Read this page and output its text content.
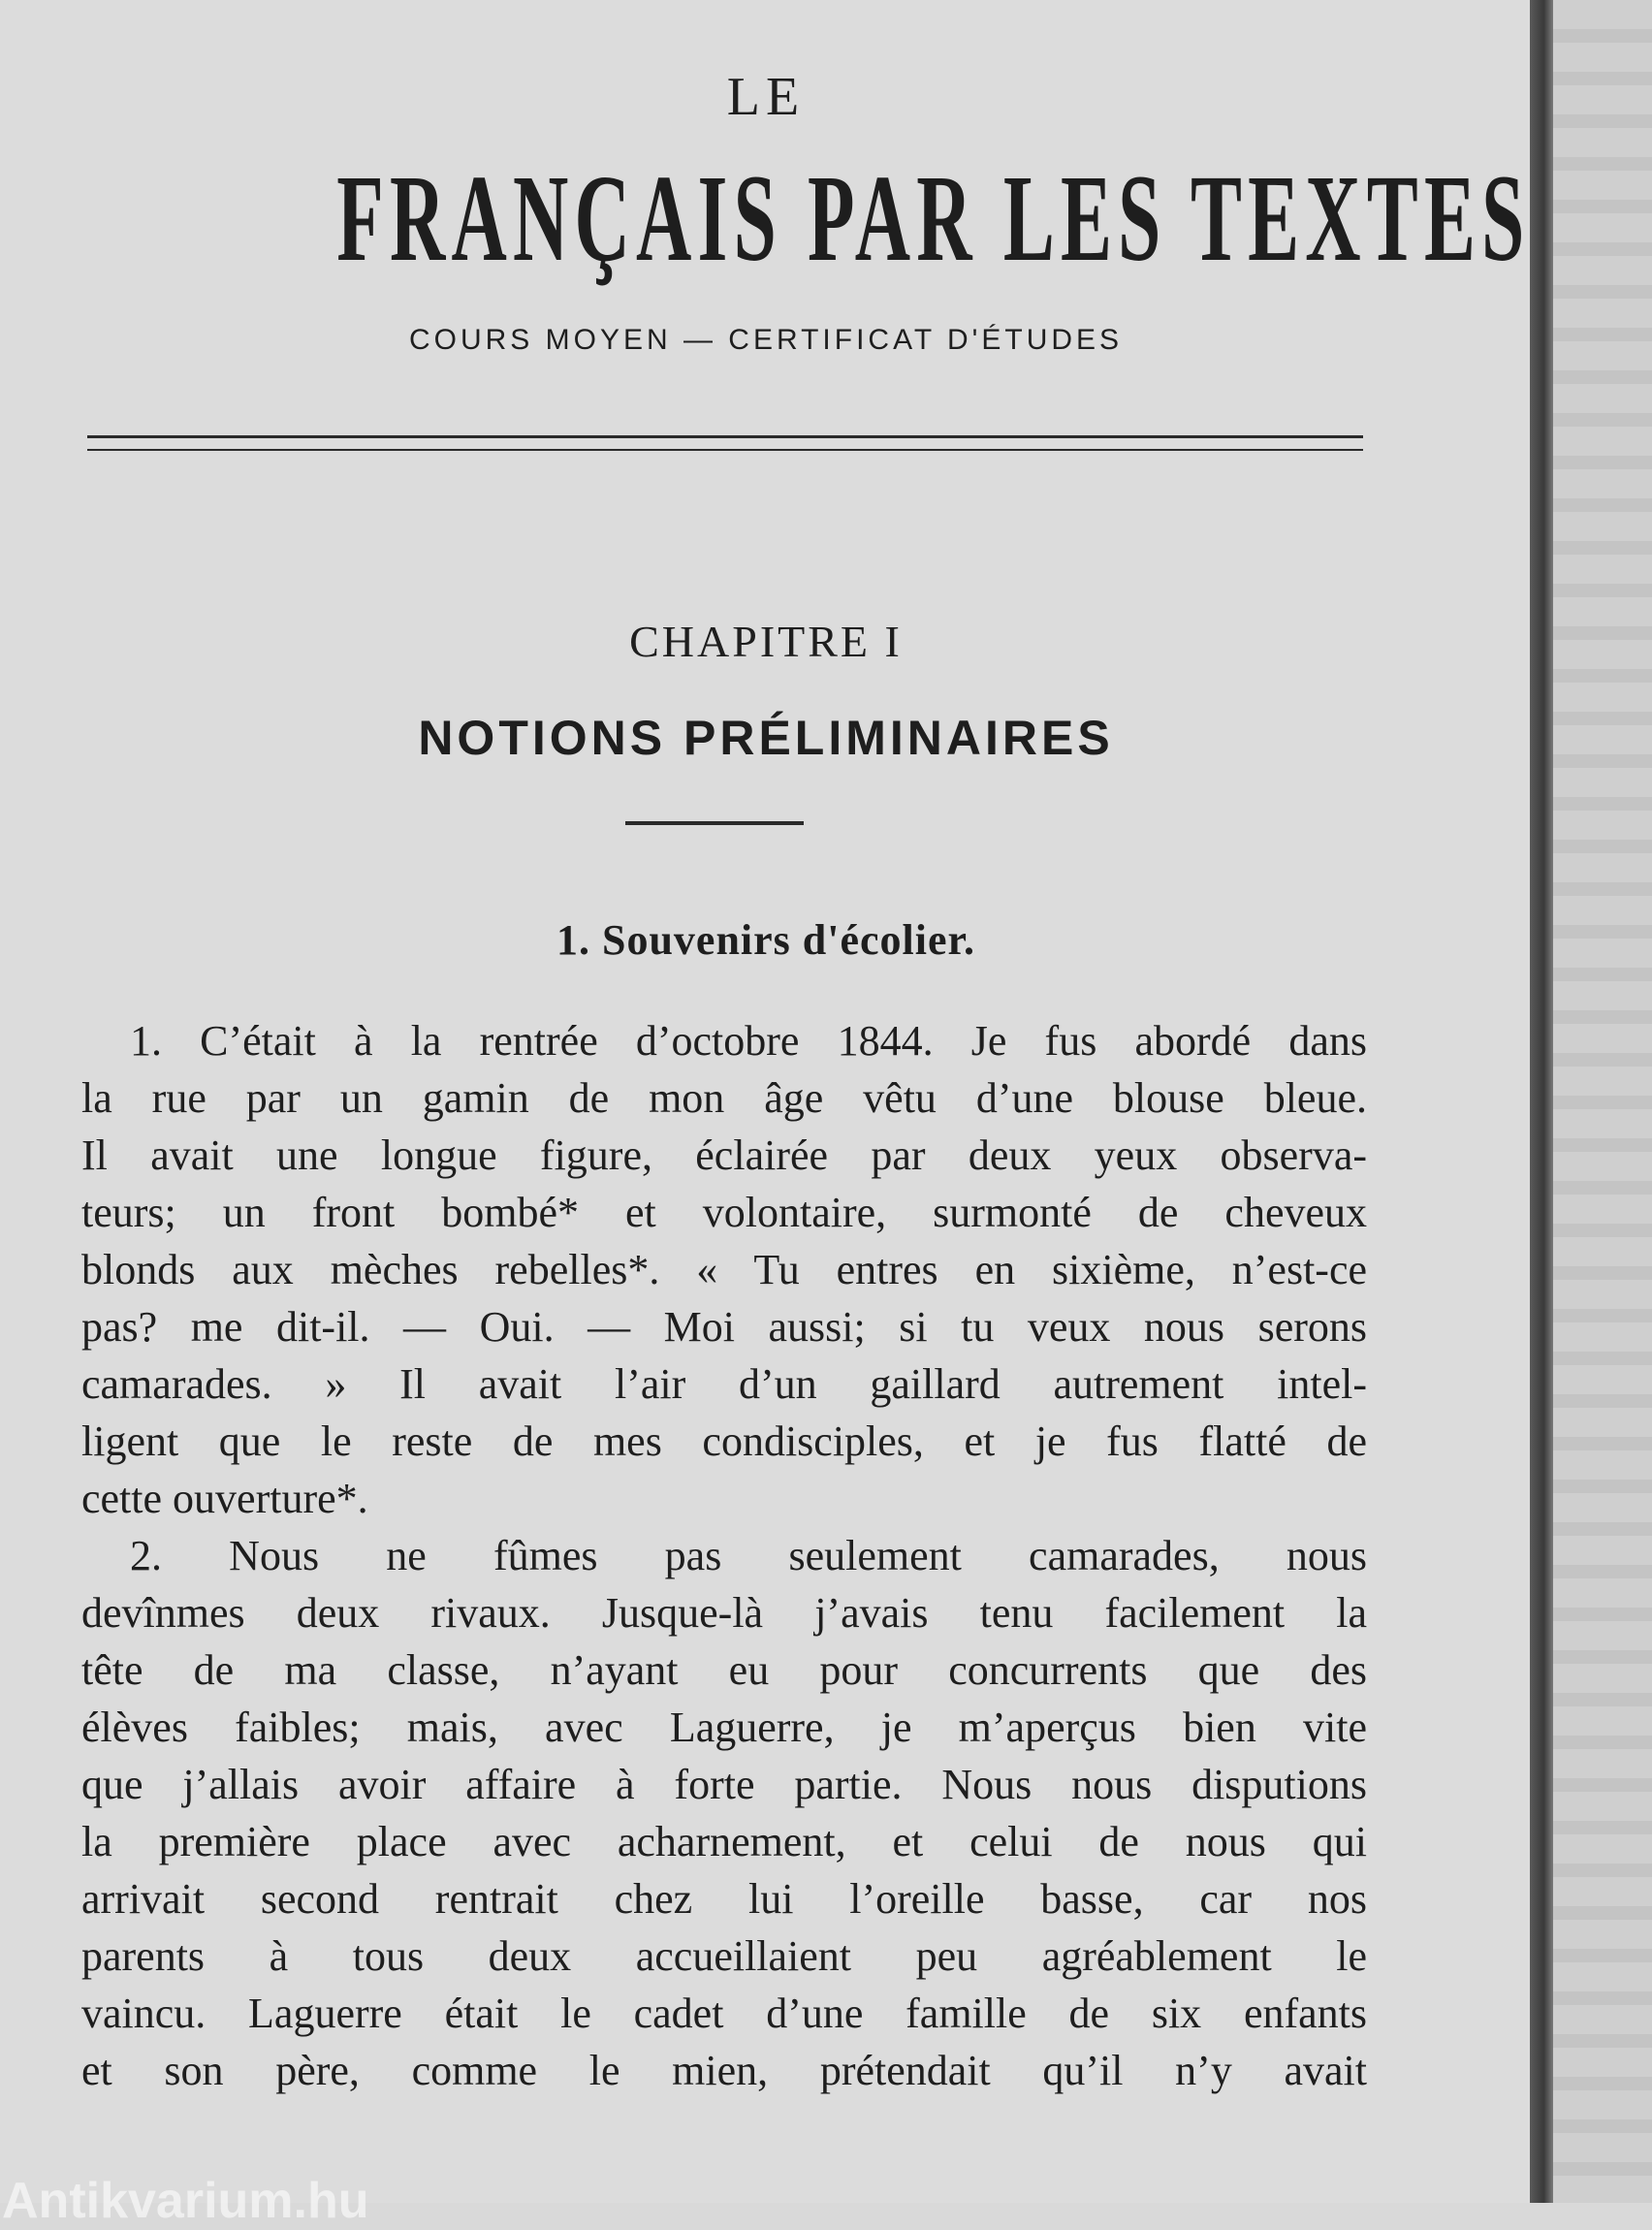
LE
FRANÇAIS PAR LES TEXTES
COURS MOYEN — CERTIFICAT D'ÉTUDES
CHAPITRE I
NOTIONS PRÉLIMINAIRES
1. Souvenirs d'écolier.
1. C’était à la rentrée d’octobre 1844. Je fus abordé dans
la rue par un gamin de mon âge vêtu d’une blouse bleue.
Il avait une longue figure, éclairée par deux yeux observa-
teurs; un front bombé* et volontaire, surmonté de cheveux
blonds aux mèches rebelles*. « Tu entres en sixième, n’est-ce
pas? me dit-il. — Oui. — Moi aussi; si tu veux nous serons
camarades. » Il avait l’air d’un gaillard autrement intel-
ligent que le reste de mes condisciples, et je fus flatté de
cette ouverture*.
2. Nous ne fûmes pas seulement camarades, nous
devînmes deux rivaux. Jusque-là j’avais tenu facilement la
tête de ma classe, n’ayant eu pour concurrents que des
élèves faibles; mais, avec Laguerre, je m’aperçus bien vite
que j’allais avoir affaire à forte partie. Nous nous disputions
la première place avec acharnement, et celui de nous qui
arrivait second rentrait chez lui l’oreille basse, car nos
parents à tous deux accueillaient peu agréablement le
vaincu. Laguerre était le cadet d’une famille de six enfants
et son père, comme le mien, prétendait qu’il n’y avait
Antikvarium.hu
